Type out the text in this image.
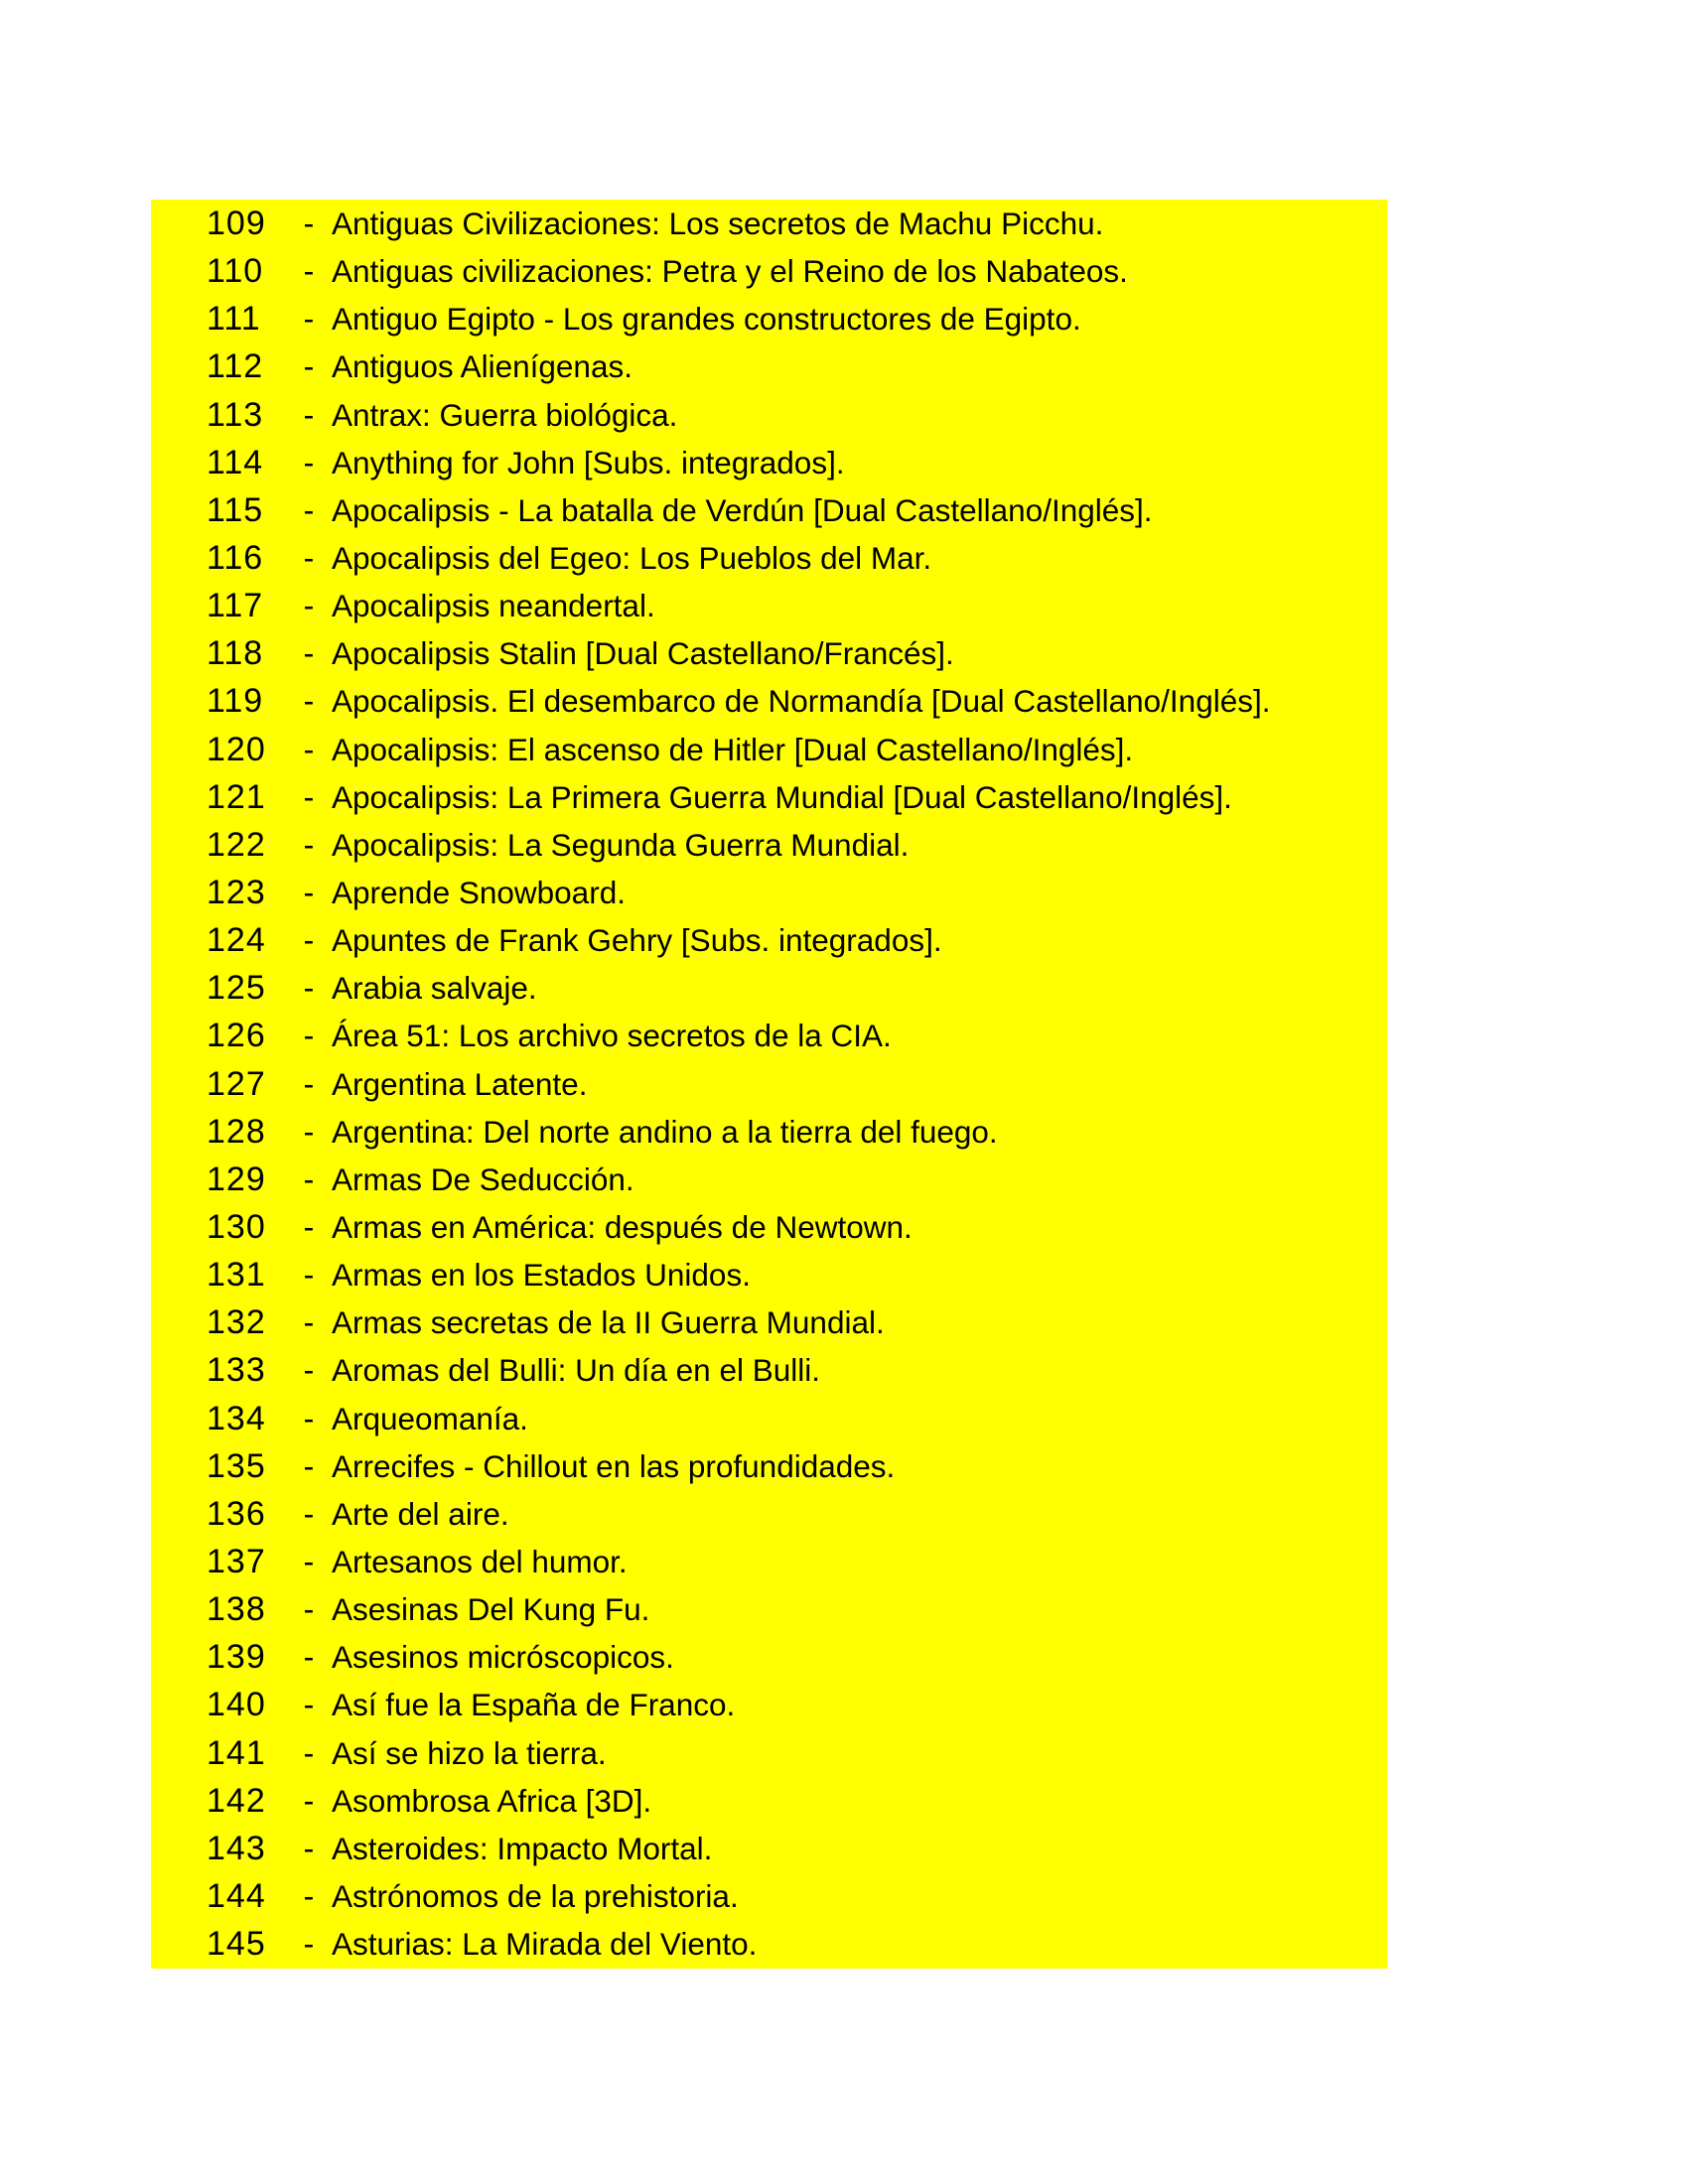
109	- Antiguas Civilizaciones: Los secretos de Machu Picchu.
110	- Antiguas civilizaciones: Petra y el Reino de los Nabateos.
111	- Antiguo Egipto - Los grandes constructores de Egipto.
112	- Antiguos Alienígenas.
113	- Antrax: Guerra biológica.
114	- Anything for John [Subs. integrados].
115	- Apocalipsis - La batalla de Verdún [Dual Castellano/Inglés].
116	- Apocalipsis del Egeo: Los Pueblos del Mar.
117	- Apocalipsis neandertal.
118	- Apocalipsis Stalin [Dual Castellano/Francés].
119	- Apocalipsis. El desembarco de Normandía [Dual Castellano/Inglés].
120	- Apocalipsis: El ascenso de Hitler [Dual Castellano/Inglés].
121	- Apocalipsis: La Primera Guerra Mundial [Dual Castellano/Inglés].
122	- Apocalipsis: La Segunda Guerra Mundial.
123	- Aprende Snowboard.
124	- Apuntes de Frank Gehry [Subs. integrados].
125	- Arabia salvaje.
126	- Área 51: Los archivo secretos de la CIA.
127	- Argentina Latente.
128	- Argentina: Del norte andino a la tierra del fuego.
129	- Armas De Seducción.
130	- Armas en América: después de Newtown.
131	- Armas en los Estados Unidos.
132	- Armas secretas de la II Guerra Mundial.
133	- Aromas del Bulli: Un día en el Bulli.
134	- Arqueomanía.
135	- Arrecifes - Chillout en las profundidades.
136	- Arte del aire.
137	- Artesanos del humor.
138	- Asesinas Del Kung Fu.
139	- Asesinos micróscopicos.
140	- Así fue la España de Franco.
141	- Así se hizo la tierra.
142	- Asombrosa Africa [3D].
143	- Asteroides: Impacto Mortal.
144	- Astrónomos de la prehistoria.
145	- Asturias: La Mirada del Viento.
